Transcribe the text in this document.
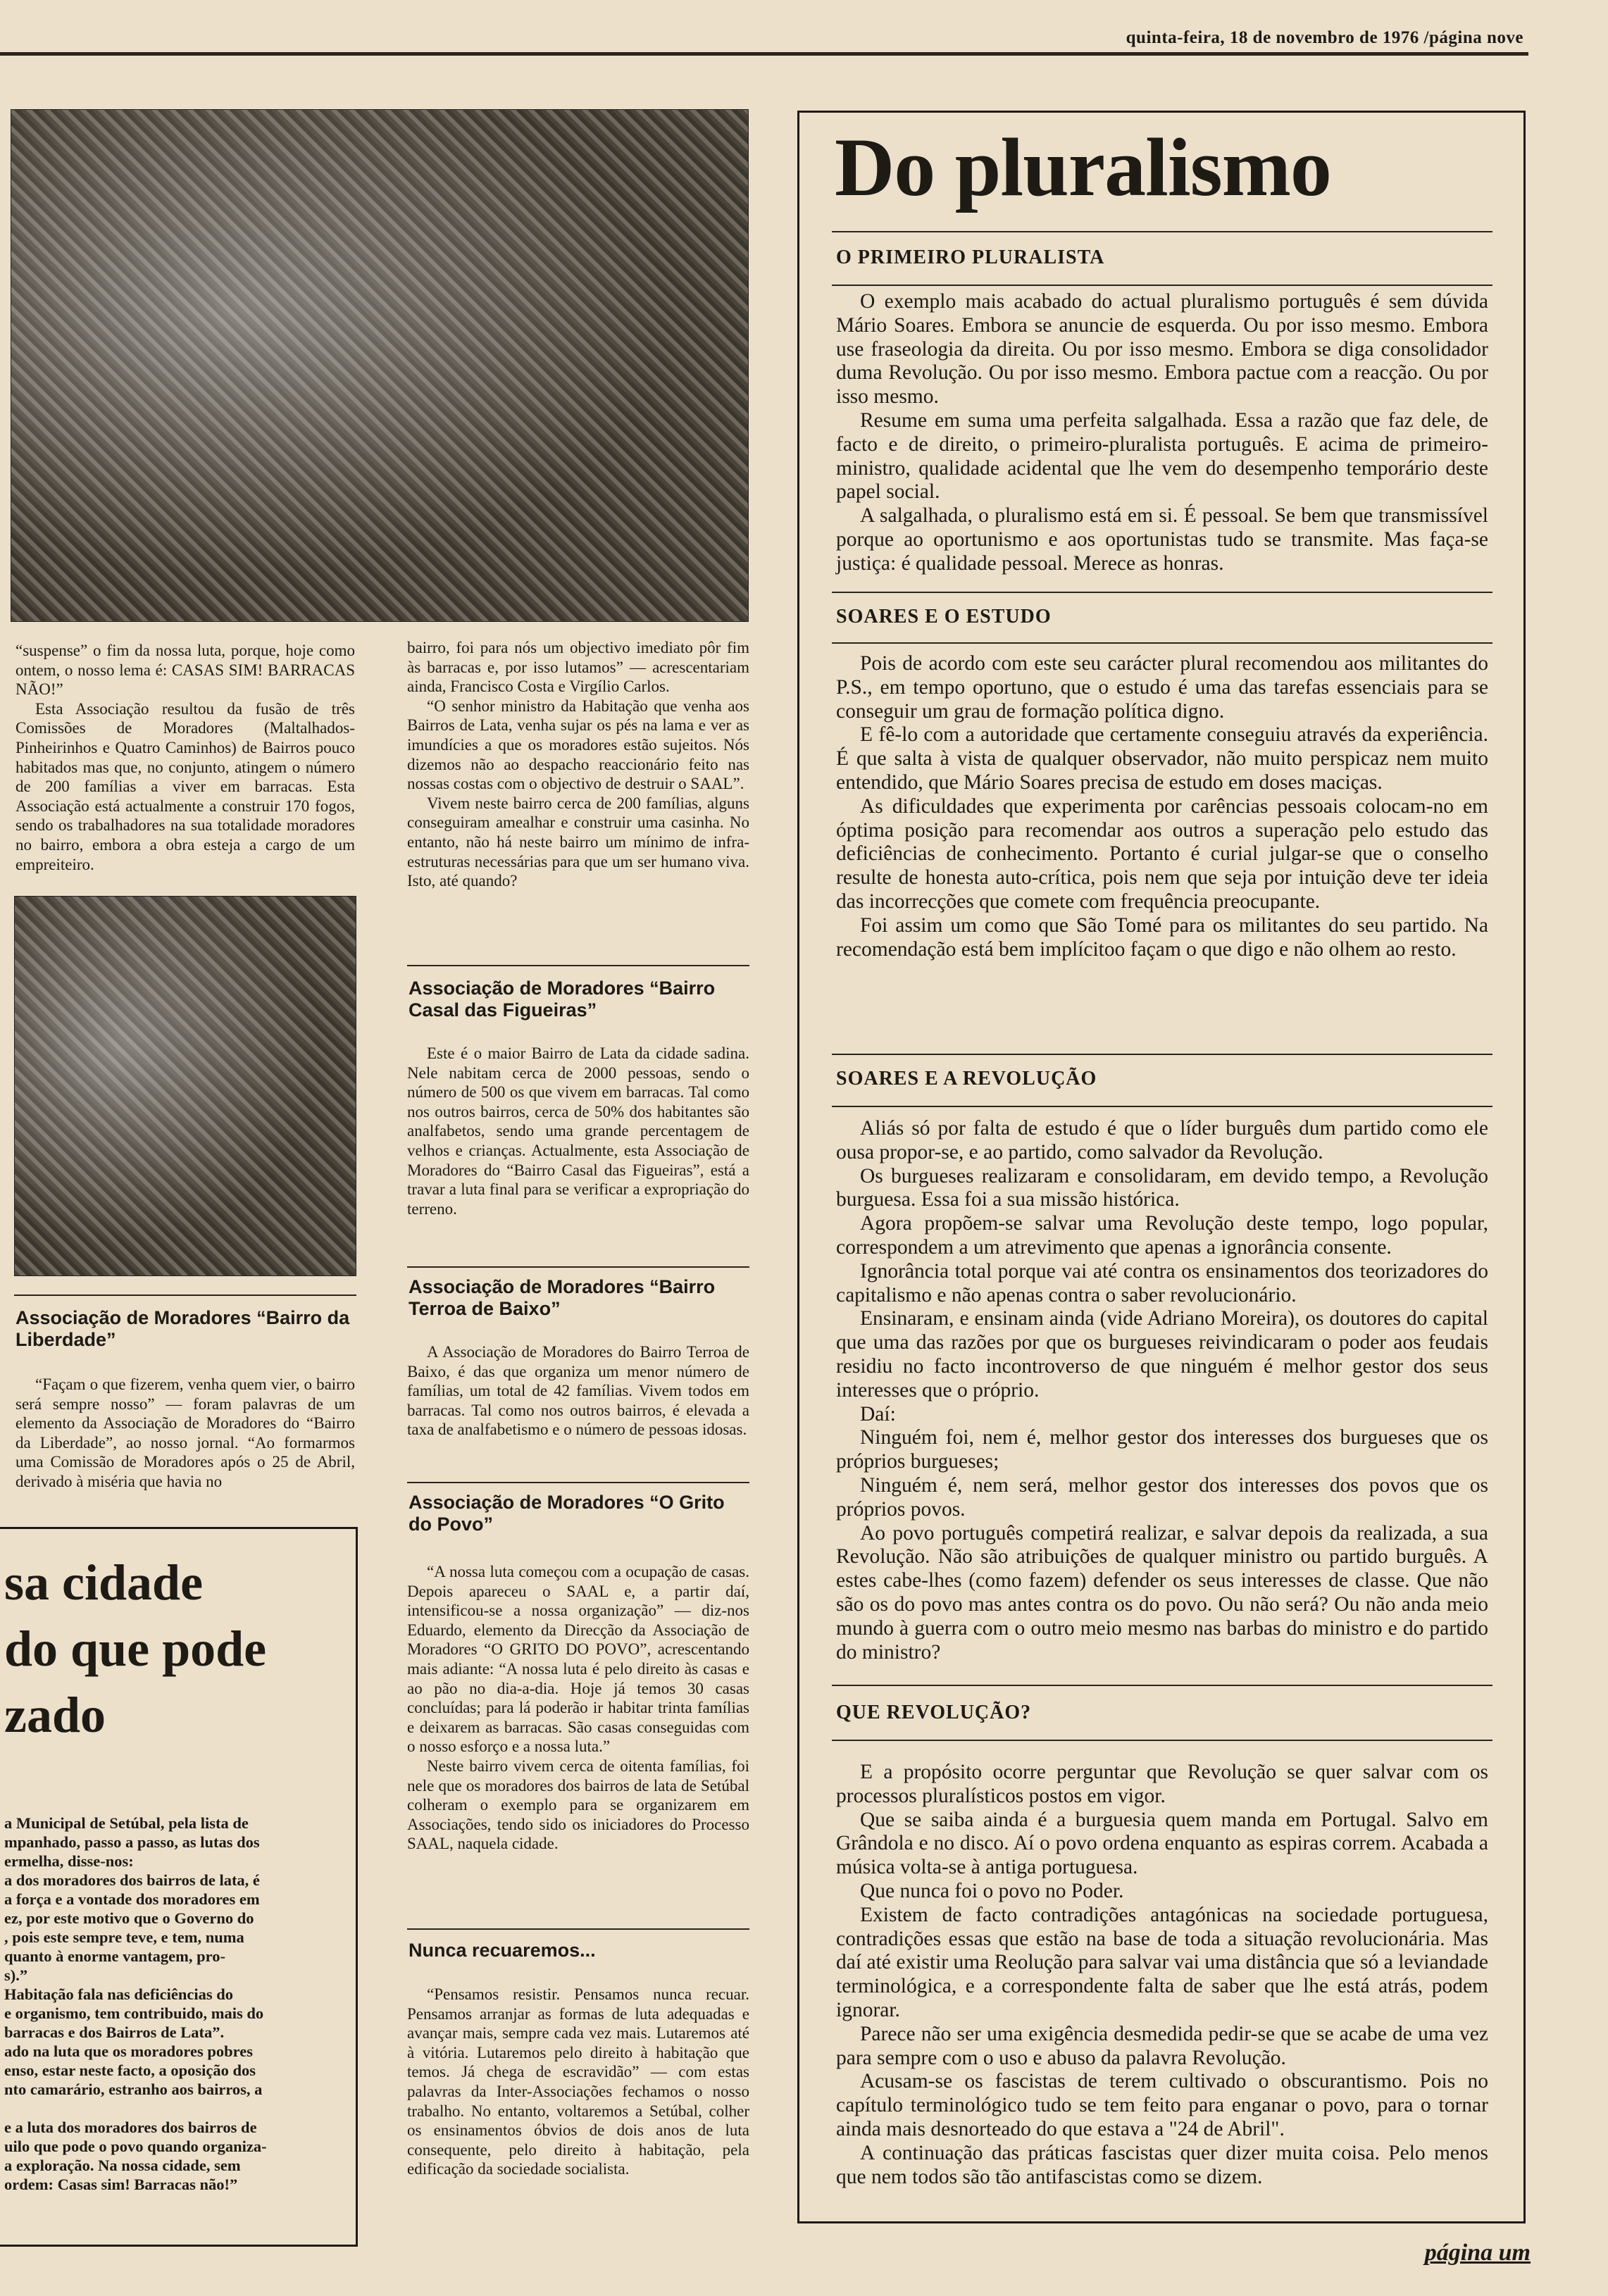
quinta-feira, 18 de novembro de 1976 /página nove

“suspense” o fim da nossa luta, porque, hoje como ontem, o nosso lema é: CASAS SIM! BARRACAS NÃO!”

Esta Associação resultou da fusão de três Comissões de Moradores (Maltalhados-Pinheirinhos e Quatro Caminhos) de Bairros pouco habitados mas que, no conjunto, atingem o número de 200 famílias a viver em barracas. Esta Associação está actualmente a construir 170 fogos, sendo os trabalhadores na sua totalidade moradores no bairro, embora a obra esteja a cargo de um empreiteiro.

Associação de Moradores “Bairro da Liberdade”

“Façam o que fizerem, venha quem vier, o bairro será sempre nosso” — foram palavras de um elemento da Associação de Moradores do “Bairro da Liberdade”, ao nosso jornal. “Ao formarmos uma Comissão de Moradores após o 25 de Abril, derivado à miséria que havia no

sa cidade
do que pode
zado
a Municipal de Setúbal, pela lista de
mpanhado, passo a passo, as lutas dos
ermelha, disse-nos:
a dos moradores dos bairros de lata, é
a força e a vontade dos moradores em
ez, por este motivo que o Governo do
, pois este sempre teve, e tem, numa
quanto à enorme vantagem, pro-
s).”
Habitação fala nas deficiências do
e organismo, tem contribuido, mais do
barracas e dos Bairros de Lata”.
ado na luta que os moradores pobres
enso, estar neste facto, a oposição dos
nto camarário, estranho aos bairros, a
e a luta dos moradores dos bairros de
uilo que pode o povo quando organiza-
a exploração. Na nossa cidade, sem
ordem: Casas sim! Barracas não!”

bairro, foi para nós um objectivo imediato pôr fim às barracas e, por isso lutamos” — acrescentariam ainda, Francisco Costa e Virgílio Carlos.

“O senhor ministro da Habitação que venha aos Bairros de Lata, venha sujar os pés na lama e ver as imundícies a que os moradores estão sujeitos. Nós dizemos não ao despacho reaccionário feito nas nossas costas com o objectivo de destruir o SAAL”.

Vivem neste bairro cerca de 200 famílias, alguns conseguiram amealhar e construir uma casinha. No entanto, não há neste bairro um mínimo de infra-estruturas necessárias para que um ser humano viva. Isto, até quando?

Associação de Moradores “Bairro Casal das Figueiras”

Este é o maior Bairro de Lata da cidade sadina. Nele nabitam cerca de 2000 pessoas, sendo o número de 500 os que vivem em barracas. Tal como nos outros bairros, cerca de 50% dos habitantes são analfabetos, sendo uma grande percentagem de velhos e crianças. Actualmente, esta Associação de Moradores do “Bairro Casal das Figueiras”, está a travar a luta final para se verificar a expropriação do terreno.

Associação de Moradores “Bairro Terroa de Baixo”

A Associação de Moradores do Bairro Terroa de Baixo, é das que organiza um menor número de famílias, um total de 42 famílias. Vivem todos em barracas. Tal como nos outros bairros, é elevada a taxa de analfabetismo e o número de pessoas idosas.

Associação de Moradores “O Grito do Povo”

“A nossa luta começou com a ocupação de casas. Depois apareceu o SAAL e, a partir daí, intensificou-se a nossa organização” — diz-nos Eduardo, elemento da Direcção da Associação de Moradores “O GRITO DO POVO”, acrescentando mais adiante: “A nossa luta é pelo direito às casas e ao pão no dia-a-dia. Hoje já temos 30 casas concluídas; para lá poderão ir habitar trinta famílias e deixarem as barracas. São casas conseguidas com o nosso esforço e a nossa luta.”

Neste bairro vivem cerca de oitenta famílias, foi nele que os moradores dos bairros de lata de Setúbal colheram o exemplo para se organizarem em Associações, tendo sido os iniciadores do Processo SAAL, naquela cidade.

Nunca recuaremos...

“Pensamos resistir. Pensamos nunca recuar. Pensamos arranjar as formas de luta adequadas e avançar mais, sempre cada vez mais. Lutaremos até à vitória. Lutaremos pelo direito à habitação que temos. Já chega de escravidão” — com estas palavras da Inter-Associações fechamos o nosso trabalho. No entanto, voltaremos a Setúbal, colher os ensinamentos óbvios de dois anos de luta consequente, pelo direito à habitação, pela edificação da sociedade socialista.

Do pluralismo
O PRIMEIRO PLURALISTA

O exemplo mais acabado do actual pluralismo português é sem dúvida Mário Soares. Embora se anuncie de esquerda. Ou por isso mesmo. Embora use fraseologia da direita. Ou por isso mesmo. Embora se diga consolidador duma Revolução. Ou por isso mesmo. Embora pactue com a reacção. Ou por isso mesmo.

Resume em suma uma perfeita salgalhada. Essa a razão que faz dele, de facto e de direito, o primeiro-pluralista português. E acima de primeiro-ministro, qualidade acidental que lhe vem do desempenho temporário deste papel social.

A salgalhada, o pluralismo está em si. É pessoal. Se bem que transmissível porque ao oportunismo e aos oportunistas tudo se transmite. Mas faça-se justiça: é qualidade pessoal. Merece as honras.

SOARES E O ESTUDO

Pois de acordo com este seu carácter plural recomendou aos militantes do P.S., em tempo oportuno, que o estudo é uma das tarefas essenciais para se conseguir um grau de formação política digno.

E fê-lo com a autoridade que certamente conseguiu através da experiência. É que salta à vista de qualquer observador, não muito perspicaz nem muito entendido, que Mário Soares precisa de estudo em doses maciças.

As dificuldades que experimenta por carências pessoais colocam-no em óptima posição para recomendar aos outros a superação pelo estudo das deficiências de conhecimento. Portanto é curial julgar-se que o conselho resulte de honesta auto-crítica, pois nem que seja por intuição deve ter ideia das incorrecções que comete com frequência preocupante.

Foi assim um como que São Tomé para os militantes do seu partido. Na recomendação está bem implícitoo façam o que digo e não olhem ao resto.

SOARES E A REVOLUÇÃO

Aliás só por falta de estudo é que o líder burguês dum partido como ele ousa propor-se, e ao partido, como salvador da Revolução.

Os burgueses realizaram e consolidaram, em devido tempo, a Revolução burguesa. Essa foi a sua missão histórica.

Agora propõem-se salvar uma Revolução deste tempo, logo popular, correspondem a um atrevimento que apenas a ignorância consente.

Ignorância total porque vai até contra os ensinamentos dos teorizadores do capitalismo e não apenas contra o saber revolucionário.

Ensinaram, e ensinam ainda (vide Adriano Moreira), os doutores do capital que uma das razões por que os burgueses reivindicaram o poder aos feudais residiu no facto incontroverso de que ninguém é melhor gestor dos seus interesses que o próprio.

Daí:

Ninguém foi, nem é, melhor gestor dos interesses dos burgueses que os próprios burgueses;

Ninguém é, nem será, melhor gestor dos interesses dos povos que os próprios povos.

Ao povo português competirá realizar, e salvar depois da realizada, a sua Revolução. Não são atribuições de qualquer ministro ou partido burguês. A estes cabe-lhes (como fazem) defender os seus interesses de classe. Que não são os do povo mas antes contra os do povo. Ou não será? Ou não anda meio mundo à guerra com o outro meio mesmo nas barbas do ministro e do partido do ministro?

QUE REVOLUÇÃO?

E a propósito ocorre perguntar que Revolução se quer salvar com os processos pluralísticos postos em vigor.

Que se saiba ainda é a burguesia quem manda em Portugal. Salvo em Grândola e no disco. Aí o povo ordena enquanto as espiras correm. Acabada a música volta-se à antiga portuguesa.

Que nunca foi o povo no Poder.

Existem de facto contradições antagónicas na sociedade portuguesa, contradições essas que estão na base de toda a situação revolucionária. Mas daí até existir uma Reolução para salvar vai uma distância que só a leviandade terminológica, e a correspondente falta de saber que lhe está atrás, podem ignorar.

Parece não ser uma exigência desmedida pedir-se que se acabe de uma vez para sempre com o uso e abuso da palavra Revolução.

Acusam-se os fascistas de terem cultivado o obscurantismo. Pois no capítulo terminológico tudo se tem feito para enganar o povo, para o tornar ainda mais desnorteado do que estava a "24 de Abril".

A continuação das práticas fascistas quer dizer muita coisa. Pelo menos que nem todos são tão antifascistas como se dizem.

página um
